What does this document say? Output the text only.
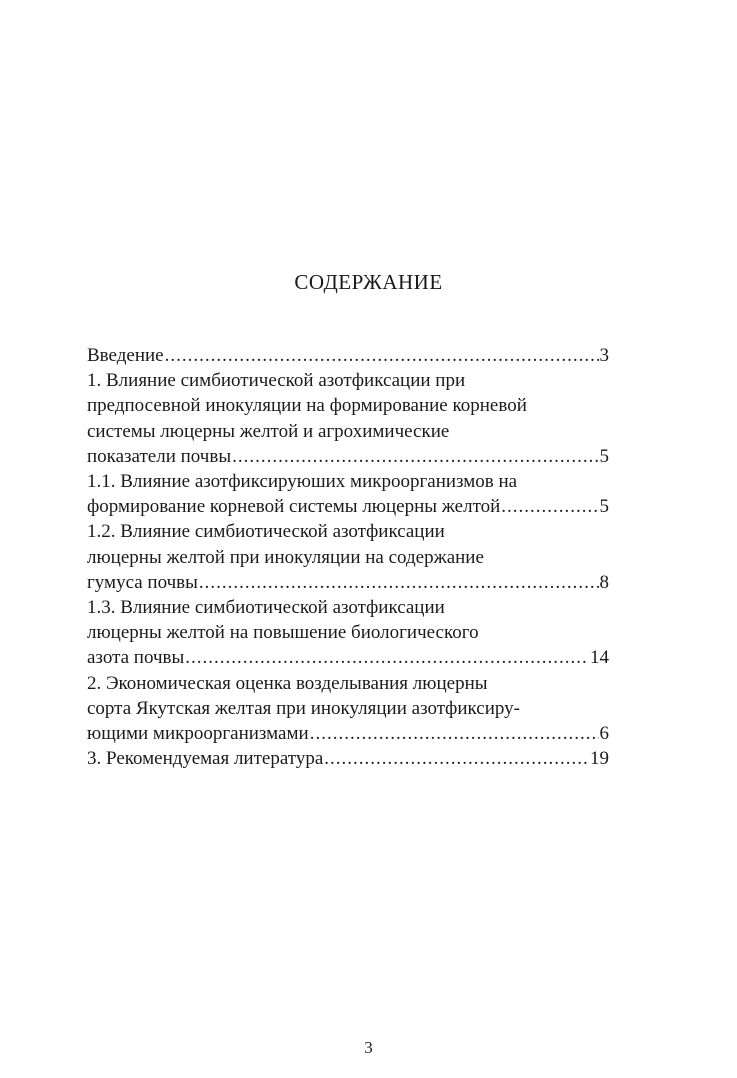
СОДЕРЖАНИЕ
Введение .....	3
1. Влияние симбиотической азотфиксации при
предпосевной инокуляции на формирование корневой
системы люцерны желтой и агрохимические
показатели почвы .....	5
1.1. Влияние азотфиксируюших микроорганизмов на
формирование корневой системы люцерны желтой .....	5
1.2. Влияние симбиотической азотфиксации
люцерны желтой при инокуляции на содержание
гумуса почвы .....	8
1.3. Влияние симбиотической азотфиксации
люцерны желтой на повышение биологического
азота почвы .....	14
2. Экономическая оценка возделывания люцерны
сорта Якутская желтая при инокуляции азотфиксиру-
ющими микроорганизмами .....	6
3. Рекомендуемая литература .....	19
3
